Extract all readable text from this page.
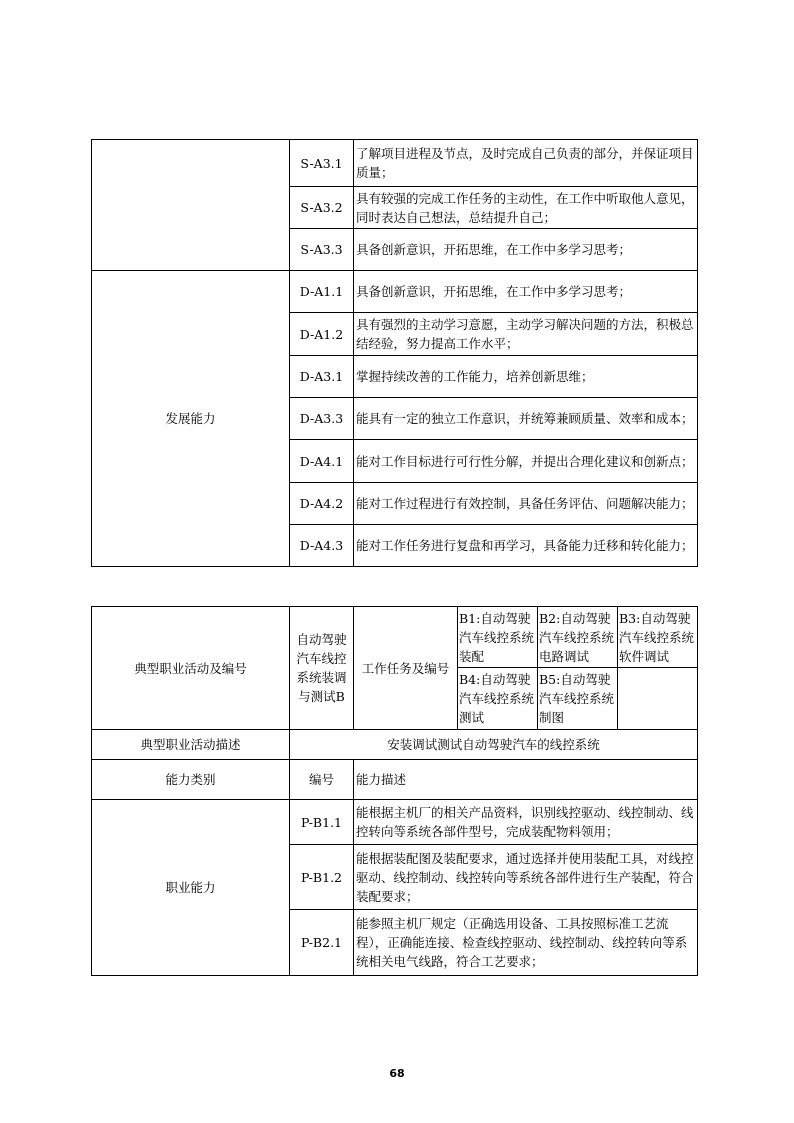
	S-A3.1	了解项目进程及节点，及时完成自己负责的部分，并保证项目质量；
	S-A3.2	具有较强的完成工作任务的主动性，在工作中听取他人意见，同时表达自己想法，总结提升自己；
	S-A3.3	具备创新意识，开拓思维，在工作中多学习思考；
发展能力	D-A1.1	具备创新意识，开拓思维，在工作中多学习思考；
	D-A1.2	具有强烈的主动学习意愿，主动学习解决问题的方法，积极总结经验，努力提高工作水平；
	D-A3.1	掌握持续改善的工作能力，培养创新思维；
	D-A3.3	能具有一定的独立工作意识，并统筹兼顾质量、效率和成本；
	D-A4.1	能对工作目标进行可行性分解，并提出合理化建议和创新点；
	D-A4.2	能对工作过程进行有效控制，具备任务评估、问题解决能力；
	D-A4.3	能对工作任务进行复盘和再学习，具备能力迁移和转化能力；
典型职业活动及编号	自动驾驶汽车线控系统装调与测试B	工作任务及编号	B1:自动驾驶汽车线控系统装配	B2:自动驾驶汽车线控系统电路调试	B3:自动驾驶汽车线控系统软件调试
			B4:自动驾驶汽车线控系统测试	B5:自动驾驶汽车线控系统制图	
典型职业活动描述	安装调试测试自动驾驶汽车的线控系统				
能力类别	编号	能力描述			
职业能力	P-B1.1	能根据主机厂的相关产品资料，识别线控驱动、线控制动、线控转向等系统各部件型号，完成装配物料领用；			
	P-B1.2	能根据装配图及装配要求，通过选择并使用装配工具，对线控驱动、线控制动、线控转向等系统各部件进行生产装配，符合装配要求；			
	P-B2.1	能参照主机厂规定（正确选用设备、工具按照标准工艺流程），正确能连接、检查线控驱动、线控制动、线控转向等系统相关电气线路，符合工艺要求；			
68
